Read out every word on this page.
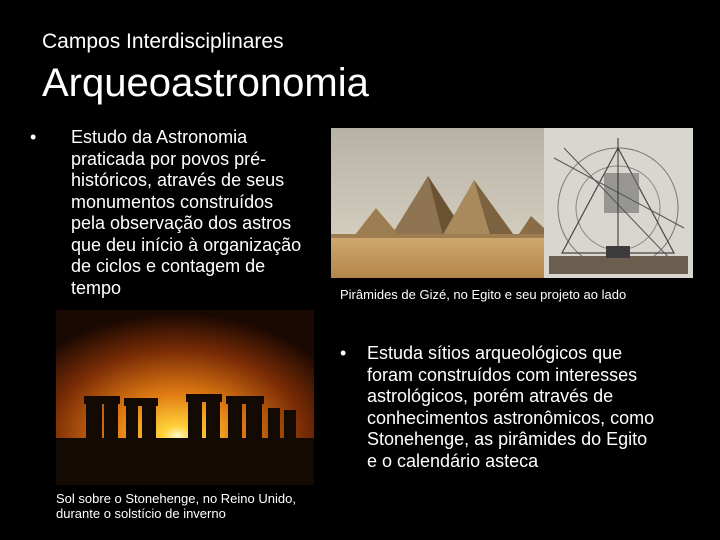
Campos Interdisciplinares
Arqueoastronomia
• Estudo da Astronomia
praticada por povos pré-
históricos, através de seus
monumentos construídos
pela observação dos astros
que deu início à organização
de ciclos e contagem de
tempo	Pirâmides de Gizé, no Egito e seu projeto ao lado
• Estuda sítios arqueológicos que
foram construídos com interesses
astrológicos, porém através de
conhecimentos astronômicos, como
Stonehenge, as pirâmides do Egito
e o calendário asteca
Sol sobre o Stonehenge, no Reino Unido,
durante o solstício de inverno
